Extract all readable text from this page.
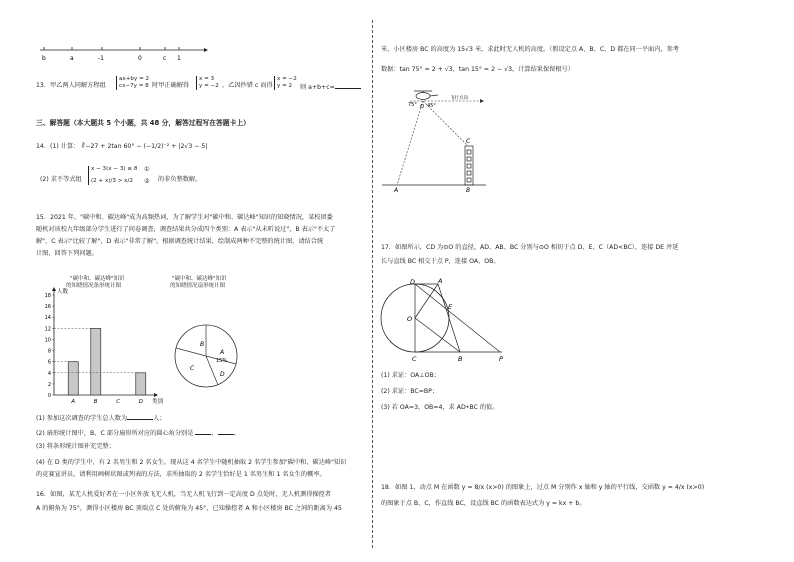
b	a	-1	0	c 1
13．甲乙两人同解方程组
ax+by = 2
cx−7y = 8 时甲正确解得
x = 3
y = −2 ，乙因抄错 c 而得
x = −2
y = 2	则 a+b+c=
三、解答题（本大题共 5 个小题，共 48 分，解答过程写在答题卡上）
14．(1) 计算： ∛−27 + 2tan 60° − (−1/2)⁻² + |2√3 − 5|
(2) 求不等式组
x − 3(x − 3) ≤ 8
(2 + x)/3 > x/2
①
② 的非负整数解。
15．2021 年，"碳中和、碳达峰"成为高频热词，为了解学生对"碳中和、碳达峰"知识的知晓情况，某校团委
随机对该校九年级部分学生进行了问卷调查，调查结果共分成四个类别：A 表示"从未听说过"，B 表示"不太了
解"，C 表示"比较了解"，D 表示"非常了解"。根据调查统计结果，绘制成两种不完整的统计图，请结合统
计图，回答下列问题。
"碳中和、碳达峰"知识
的知晓情况条形统计图
0
2
4
6
8
10
12
14
16
18
人数
类别
A	B	C	D
"碳中和、碳达峰"知识
的知晓情况扇形统计图
B
A
15%
C
D
(1) 参加这次调查的学生总人数为	人；
(2) 扇形统计图中，B、C 部分扇形所对应的圆心角分别是	、	。
(3) 将条形统计图补充完整；
(4) 在 D 类的学生中，有 2 名男生和 2 名女生，现从这 4 名学生中随机抽取 2 名学生参加"碳中和、碳达峰"知识
的竞赛宣讲员，请利用画树状图或列表的方法，求所抽取的 2 名学生恰好是 1 名男生和 1 名女生的概率。
16．如图，某无人机爱好者在一小区外放飞无人机，当无人机飞行到一定高度 D 点处时，无人机测得操控者
A 的俯角为 75°，测得小区楼房 BC 顶端点 C 处的俯角为 45°，已知操控者 A 和小区楼房 BC 之间的距离为 45
米，小区楼房 BC 的高度为 15√3 米，求此时无人机的高度。（假设定点 A、B、C、D 都在同一平面内，参考
数据：tan 75° = 2 + √3，tan 15° = 2 − √3，计算结果保留根号）
D
75° 45°
飞行方向
C
A	B
17．如图所示，CD 为⊙O 的直径，AD、AB、BC 分别与⊙O 相切于点 D、E、C（AD<BC），连接 DE 并延
长与直线 BC 相交于点 P，连接 OA、OB。
D	A
E
O
C	B	P
(1) 求证：OA⊥OB；
(2) 求证：BC=BP；
(3) 若 OA=3，OB=4，求 AD•BC 的值。
18．如图 1，动点 M 在函数 y = 8/x (x>0) 的图象上，过点 M 分别作 x 轴和 y 轴的平行线，交函数 y = 4/x (x>0)
的图象于点 B、C，作直线 BC，设直线 BC 的函数表达式为 y = kx + b。
